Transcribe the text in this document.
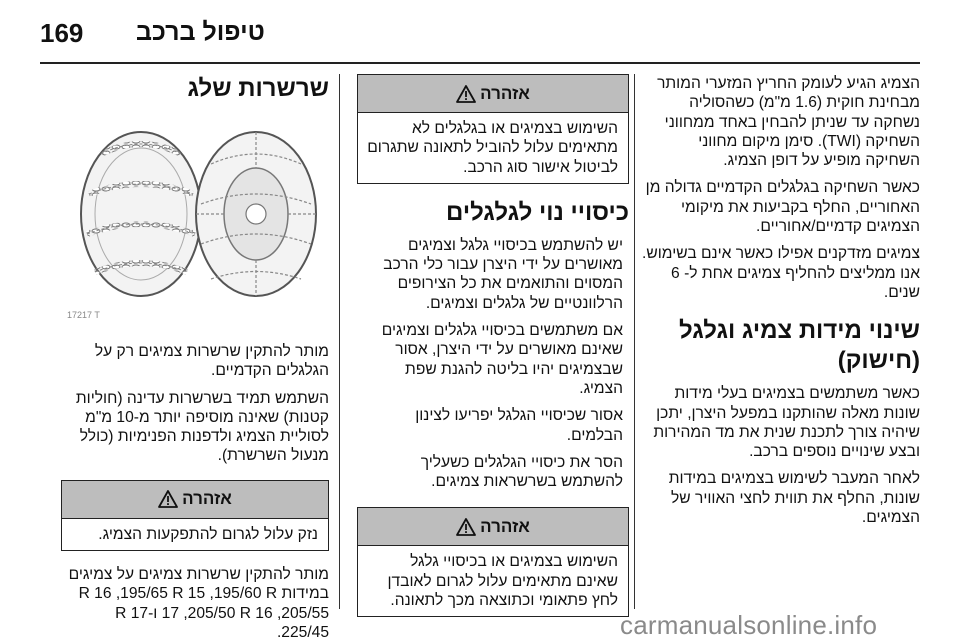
169 טיפול ברכב

הצמיג הגיע לעומק החריץ המזערי המותר מבחינת חוקית (1.6 מ"מ) כשהסוליה נשחקה עד שניתן להבחין באחד ממחווני השחיקה (TWI). סימן מיקום מחווני השחיקה מופיע על דופן הצמיג.

כאשר השחיקה בגלגלים הקדמיים גדולה מן האחוריים, החלף בקביעות את מיקומי הצמיגים קדמיים/אחוריים.

צמיגים מזדקנים אפילו כאשר אינם בשימוש. אנו ממליצים להחליף צמיגים אחת ל- 6 שנים.

שינוי מידות צמיג וגלגל (חישוק)

כאשר משתמשים בצמיגים בעלי מידות שונות מאלה שהותקנו במפעל היצרן, יתכן שיהיה צורך לתכנת שנית את מד המהירות ובצע שינויים נוספים ברכב.

לאחר המעבר לשימוש בצמיגים במידות שונות, החלף את תווית לחצי האוויר של הצמיגים.

אזהרה
השימוש בצמיגים או בגלגלים לא מתאימים עלול להוביל לתאונה שתגרום לביטול אישור סוג הרכב.
כיסויי נוי לגלגלים

יש להשתמש בכיסויי גלגל וצמיגים מאושרים על ידי היצרן עבור כלי הרכב המסוים והתואמים את כל הצירופים הרלוונטיים של גלגלים וצמיגים.

אם משתמשים בכיסויי גלגלים וצמיגים שאינם מאושרים על ידי היצרן, אסור שבצמיגים יהיו בליטה להגנת שפת הצמיג.

אסור שכיסויי הגלגל יפריעו לצינון הבלמים.

הסר את כיסויי הגלגלים כשעליך להשתמש בשרשראות צמיגים.

אזהרה
השימוש בצמיגים או בכיסויי גלגל שאינם מתאימים עלול לגרום לאובדן לחץ פתאומי וכתוצאה מכך לתאונה.
שרשרות שלג
17217 T

מותר להתקין שרשרות צמיגים רק על הגלגלים הקדמיים.

השתמש תמיד בשרשרות עדינה (חוליות קטנות) שאינה מוסיפה יותר מ-10 מ"מ לסוליית הצמיג ולדפנות הפנימיות (כולל מנעול השרשרת).

אזהרה
נזק עלול לגרום להתפקעות הצמיג.

מותר להתקין שרשרות צמיגים על צמיגים במידות R 16 ,195/65 R 15 ,195/60 R 17 ,205/50 R 16 ,205/55 ו-R 17 225/45.	carmanualsonline.info
